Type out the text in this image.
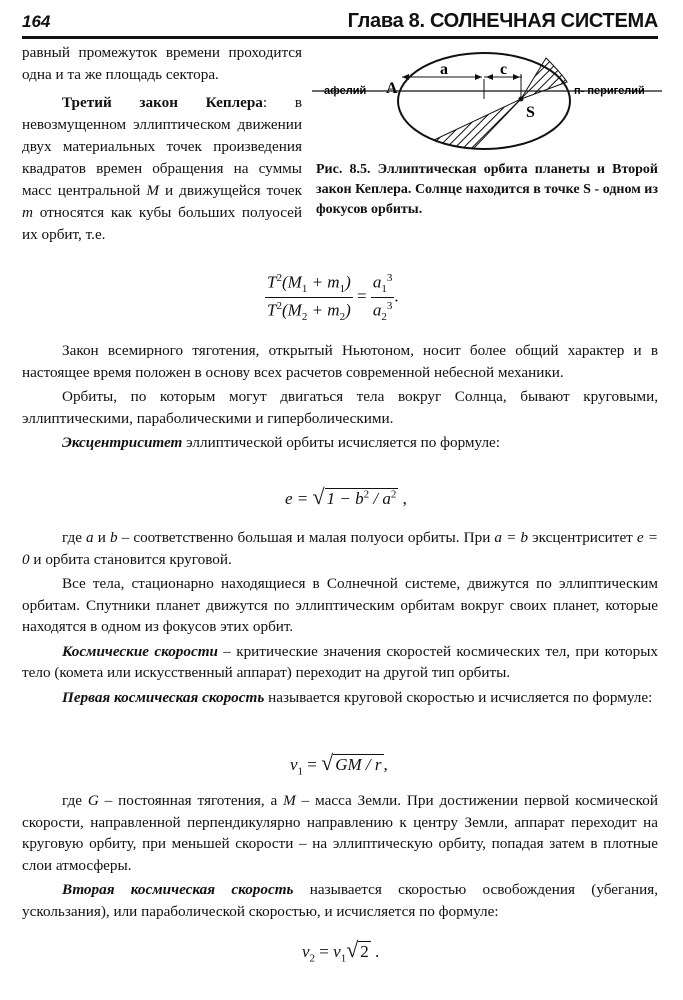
164	Глава 8. СОЛНЕЧНАЯ СИСТЕМА

равный промежуток времени проходится одна и та же площадь сектора.

Третий закон Кеплера: в невозмущенном эллиптическом движении двух материальных точек произведения квадратов времен обращения на суммы масс центральной M и движущейся точек m относятся как кубы больших полуосей их орбит, т.е.

афелий A
a	c
п- перигелий
S
Рис. 8.5. Эллиптическая орбита планеты и Второй закон Кеплера. Солнце находится в точке S - одном из фокусов орбиты.
$\frac{T^2(M_1 + m_1)}{T^2(M_2 + m_2)} = \frac{a_1^3}{a_2^3}$ .

Закон всемирного тяготения, открытый Ньютоном, носит более общий характер и в настоящее время положен в основу всех расчетов современной небесной механики.

Орбиты, по которым могут двигаться тела вокруг Солнца, бывают круговыми, эллиптическими, параболическими и гиперболическими.

Эксцентриситет эллиптической орбиты исчисляется по формуле:

e = √ $1 - b^2 / a^2$ ,

где a и b – соответственно большая и малая полуоси орбиты. При a = b эксцентриситет e = 0 и орбита становится круговой.

Все тела, стационарно находящиеся в Солнечной системе, движутся по эллиптическим орбитам. Спутники планет движутся по эллиптическим орбитам вокруг своих планет, которые находятся в одном из фокусов этих орбит.

Космические скорости – критические значения скоростей космических тел, при которых тело (комета или искусственный аппарат) переходит на другой тип орбиты.

Первая космическая скорость называется круговой скоростью и исчисляется по формуле:

$v_1$ = √ GM / r ,

где G – постоянная тяготения, а M – масса Земли. При достижении первой космической скорости, направленной перпендикулярно направлению к центру Земли, аппарат переходит на круговую орбиту, при меньшей скорости – на эллиптическую орбиту, попадая затем в плотные слои атмосферы.

Вторая космическая скорость называется скоростью освобождения (убегания, ускользания), или параболической скоростью, и исчисляется по формуле:

$v_2 = v_1√$ 2 .
